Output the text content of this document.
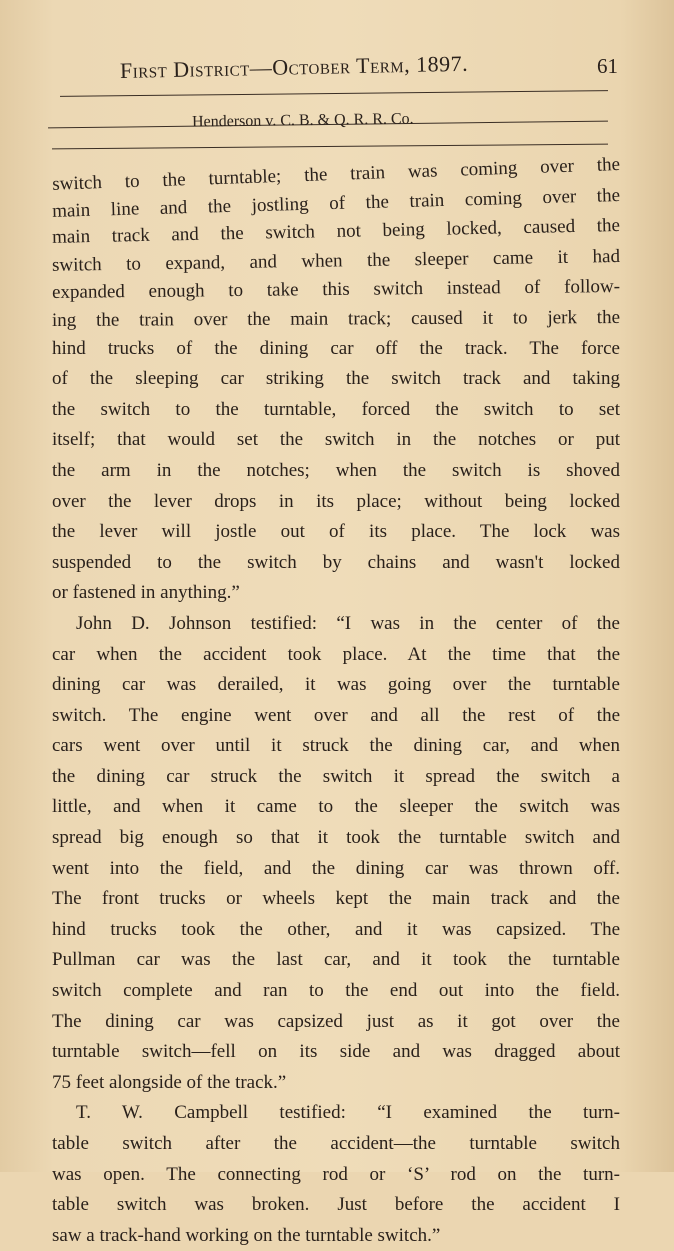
First District—October Term, 1897.	61
Henderson v. C. B. & Q. R. R. Co.
switch to the turntable; the train was coming over the
main line and the jostling of the train coming over the
main track and the switch not being locked, caused the
switch to expand, and when the sleeper came it had
expanded enough to take this switch instead of follow-
ing the train over the main track; caused it to jerk the
hind trucks of the dining car off the track. The force
of the sleeping car striking the switch track and taking
the switch to the turntable, forced the switch to set
itself; that would set the switch in the notches or put
the arm in the notches; when the switch is shoved
over the lever drops in its place; without being locked
the lever will jostle out of its place. The lock was
suspended to the switch by chains and wasn't locked
or fastened in anything.”
John D. Johnson testified: “I was in the center of the
car when the accident took place. At the time that the
dining car was derailed, it was going over the turntable
switch. The engine went over and all the rest of the
cars went over until it struck the dining car, and when
the dining car struck the switch it spread the switch a
little, and when it came to the sleeper the switch was
spread big enough so that it took the turntable switch and
went into the field, and the dining car was thrown off.
The front trucks or wheels kept the main track and the
hind trucks took the other, and it was capsized. The
Pullman car was the last car, and it took the turntable
switch complete and ran to the end out into the field.
The dining car was capsized just as it got over the
turntable switch—fell on its side and was dragged about
75 feet alongside of the track.”
T. W. Campbell testified: “I examined the turn-
table switch after the accident—the turntable switch
was open. The connecting rod or ‘S’ rod on the turn-
table switch was broken. Just before the accident I
saw a track-hand working on the turntable switch.”
